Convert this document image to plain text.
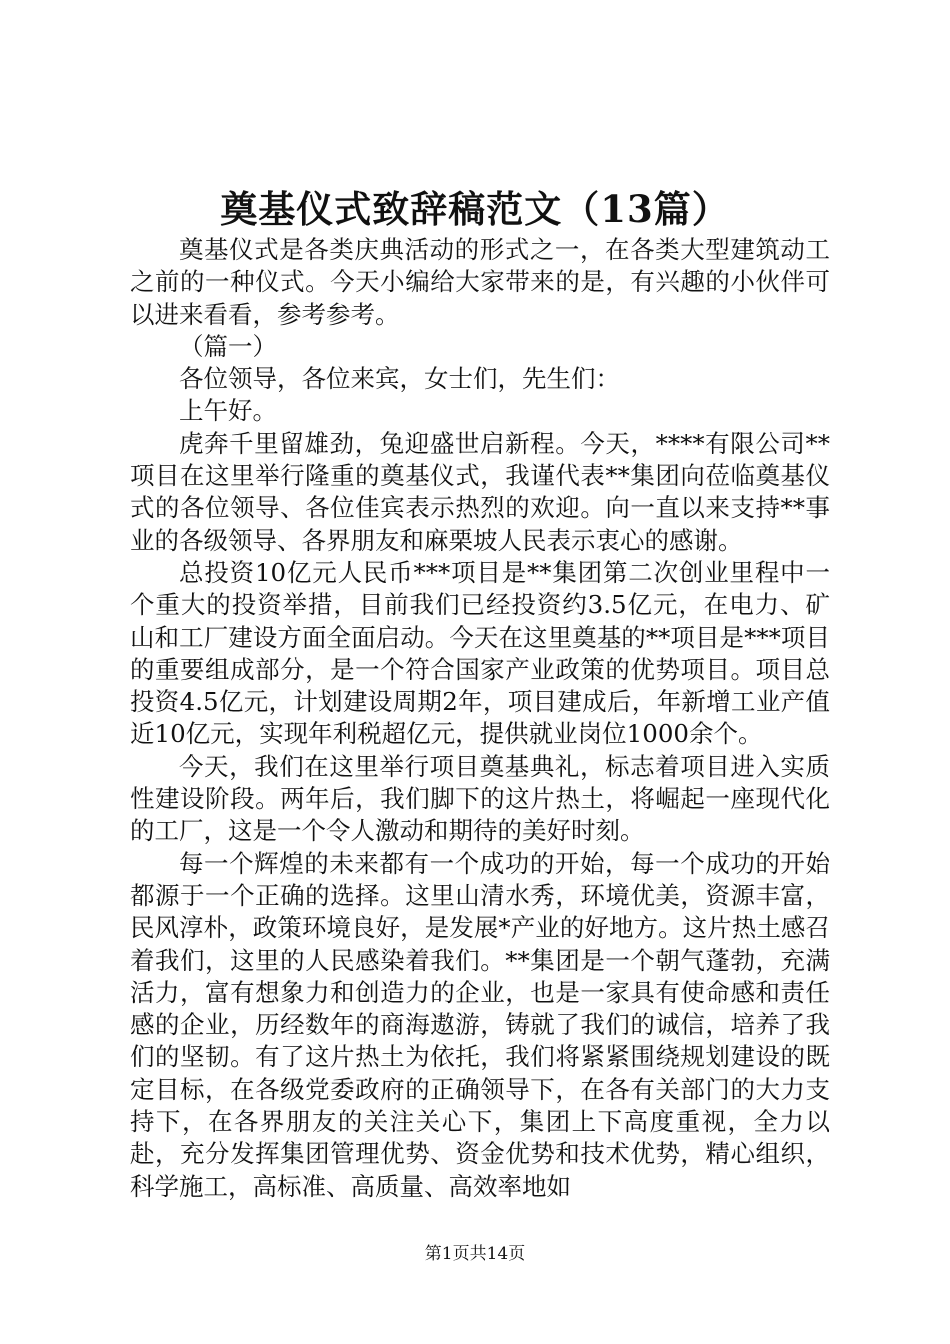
奠基仪式致辞稿范文（13篇）

奠基仪式是各类庆典活动的形式之一，在各类大型建筑动工之前的一种仪式。今天小编给大家带来的是，有兴趣的小伙伴可以进来看看，参考参考。

（篇一）

各位领导，各位来宾，女士们，先生们：

上午好。

虎奔千里留雄劲，兔迎盛世启新程。今天，****有限公司**项目在这里举行隆重的奠基仪式，我谨代表**集团向莅临奠基仪式的各位领导、各位佳宾表示热烈的欢迎。向一直以来支持**事业的各级领导、各界朋友和麻栗坡人民表示衷心的感谢。

总投资10亿元人民币***项目是**集团第二次创业里程中一个重大的投资举措，目前我们已经投资约3.5亿元，在电力、矿山和工厂建设方面全面启动。今天在这里奠基的**项目是***项目的重要组成部分，是一个符合国家产业政策的优势项目。项目总投资4.5亿元，计划建设周期2年，项目建成后，年新增工业产值近10亿元，实现年利税超亿元，提供就业岗位1000余个。

今天，我们在这里举行项目奠基典礼，标志着项目进入实质性建设阶段。两年后，我们脚下的这片热土，将崛起一座现代化的工厂，这是一个令人激动和期待的美好时刻。

每一个辉煌的未来都有一个成功的开始，每一个成功的开始都源于一个正确的选择。这里山清水秀，环境优美，资源丰富，民风淳朴，政策环境良好，是发展*产业的好地方。这片热土感召着我们，这里的人民感染着我们。**集团是一个朝气蓬勃，充满活力，富有想象力和创造力的企业，也是一家具有使命感和责任感的企业，历经数年的商海遨游，铸就了我们的诚信，培养了我们的坚韧。有了这片热土为依托，我们将紧紧围绕规划建设的既定目标，在各级党委政府的正确领导下，在各有关部门的大力支持下，在各界朋友的关注关心下，集团上下高度重视，全力以赴，充分发挥集团管理优势、资金优势和技术优势，精心组织，科学施工，高标准、高质量、高效率地如

第1页共14页
